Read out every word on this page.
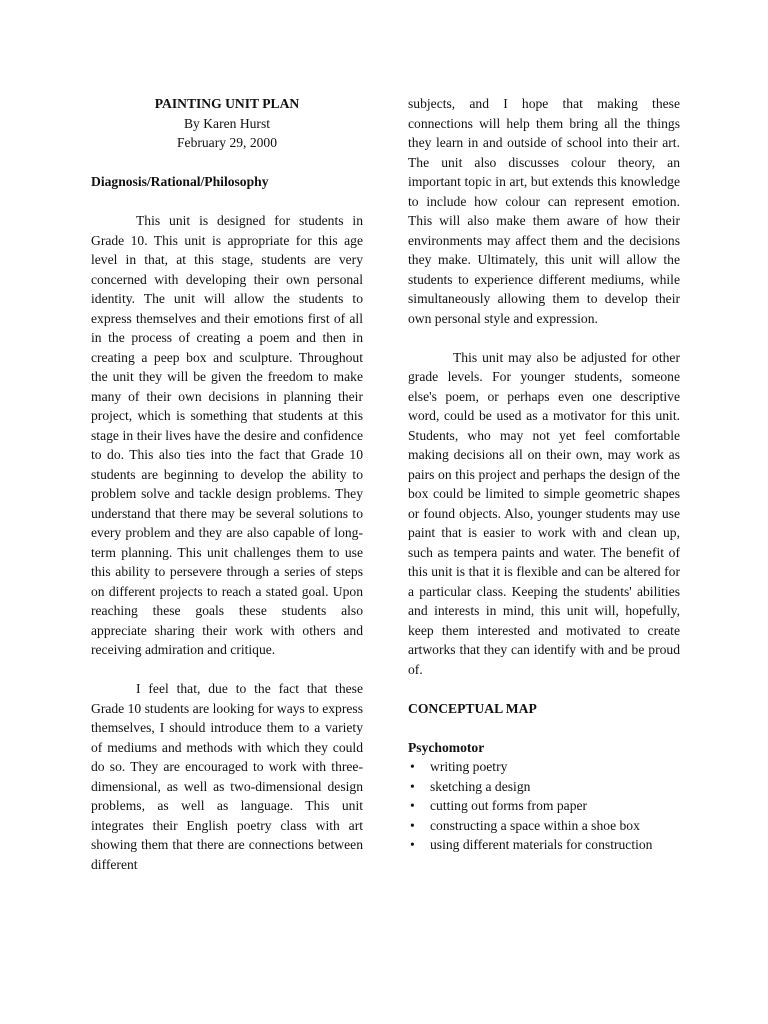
PAINTING UNIT PLAN
By Karen Hurst
February 29, 2000
Diagnosis/Rational/Philosophy

This unit is designed for students in Grade 10. This unit is appropriate for this age level in that, at this stage, students are very concerned with developing their own personal identity. The unit will allow the students to express themselves and their emotions first of all in the process of creating a poem and then in creating a peep box and sculpture. Throughout the unit they will be given the freedom to make many of their own decisions in planning their project, which is something that students at this stage in their lives have the desire and confidence to do. This also ties into the fact that Grade 10 students are beginning to develop the ability to problem solve and tackle design problems. They understand that there may be several solutions to every problem and they are also capable of long-term planning. This unit challenges them to use this ability to persevere through a series of steps on different projects to reach a stated goal. Upon reaching these goals these students also appreciate sharing their work with others and receiving admiration and critique.

I feel that, due to the fact that these Grade 10 students are looking for ways to express themselves, I should introduce them to a variety of mediums and methods with which they could do so. They are encouraged to work with three-dimensional, as well as two-dimensional design problems, as well as language. This unit integrates their English poetry class with art showing them that there are connections between different

subjects, and I hope that making these connections will help them bring all the things they learn in and outside of school into their art. The unit also discusses colour theory, an important topic in art, but extends this knowledge to include how colour can represent emotion. This will also make them aware of how their environments may affect them and the decisions they make. Ultimately, this unit will allow the students to experience different mediums, while simultaneously allowing them to develop their own personal style and expression.

This unit may also be adjusted for other grade levels. For younger students, someone else's poem, or perhaps even one descriptive word, could be used as a motivator for this unit. Students, who may not yet feel comfortable making decisions all on their own, may work as pairs on this project and perhaps the design of the box could be limited to simple geometric shapes or found objects. Also, younger students may use paint that is easier to work with and clean up, such as tempera paints and water. The benefit of this unit is that it is flexible and can be altered for a particular class. Keeping the students' abilities and interests in mind, this unit will, hopefully, keep them interested and motivated to create artworks that they can identify with and be proud of.

CONCEPTUAL MAP
Psychomotor
• writing poetry
• sketching a design
• cutting out forms from paper
• constructing a space within a shoe box
• using different materials for construction
